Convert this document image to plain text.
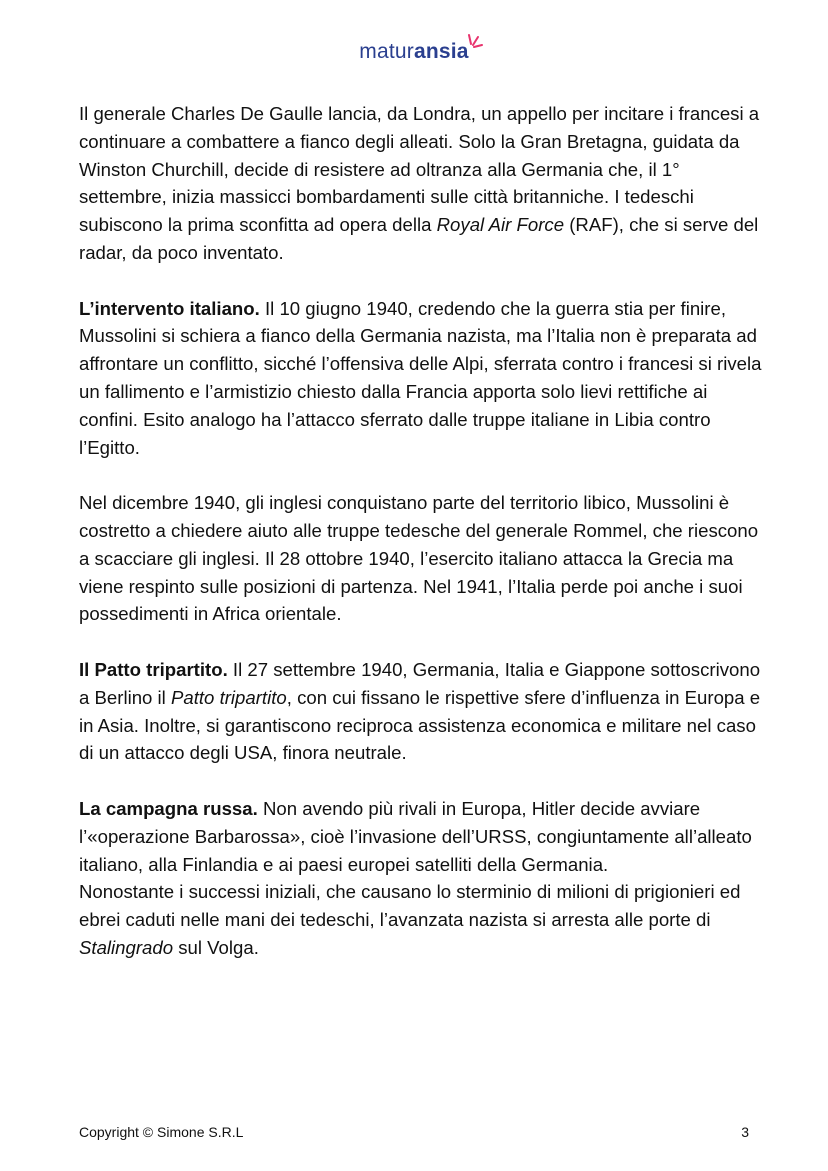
maturansia

Il generale Charles De Gaulle lancia, da Londra, un appello per incitare i francesi a continuare a combattere a fianco degli alleati. Solo la Gran Bretagna, guidata da Winston Churchill, decide di resistere ad oltranza alla Germania che, il 1° settembre, inizia massicci bombardamenti sulle città britanniche. I tedeschi subiscono la prima sconfitta ad opera della Royal Air Force (RAF), che si serve del radar, da poco inventato.

L’intervento italiano. Il 10 giugno 1940, credendo che la guerra stia per finire, Mussolini si schiera a fianco della Germania nazista, ma l’Italia non è preparata ad affrontare un conflitto, sicché l’offensiva delle Alpi, sferrata contro i francesi si rivela un fallimento e l’armistizio chiesto dalla Francia apporta solo lievi rettifiche ai confini. Esito analogo ha l’attacco sferrato dalle truppe italiane in Libia contro l’Egitto.

Nel dicembre 1940, gli inglesi conquistano parte del territorio libico, Mussolini è costretto a chiedere aiuto alle truppe tedesche del generale Rommel, che riescono a scacciare gli inglesi. Il 28 ottobre 1940, l’esercito italiano attacca la Grecia ma viene respinto sulle posizioni di partenza. Nel 1941, l’Italia perde poi anche i suoi possedimenti in Africa orientale.

Il Patto tripartito. Il 27 settembre 1940, Germania, Italia e Giappone sottoscrivono a Berlino il Patto tripartito, con cui fissano le rispettive sfere d’influenza in Europa e in Asia. Inoltre, si garantiscono reciproca assistenza economica e militare nel caso di un attacco degli USA, finora neutrale.

La campagna russa. Non avendo più rivali in Europa, Hitler decide avviare l’«operazione Barbarossa», cioè l’invasione dell’URSS, congiuntamente all’alleato italiano, alla Finlandia e ai paesi europei satelliti della Germania.

Nonostante i successi iniziali, che causano lo sterminio di milioni di prigionieri ed ebrei caduti nelle mani dei tedeschi, l’avanzata nazista si arresta alle porte di Stalingrado sul Volga.

Copyright © Simone S.R.L	3
